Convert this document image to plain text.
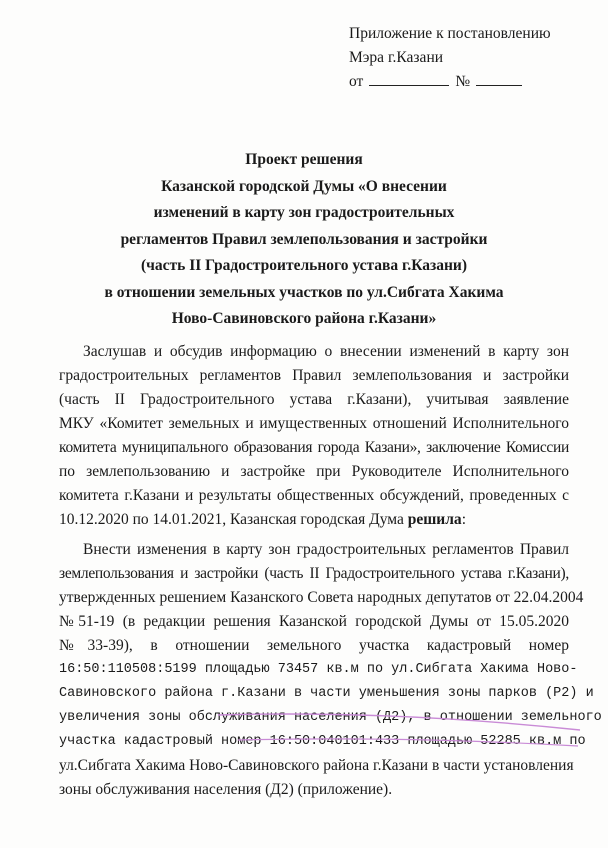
Приложение к постановлению
Мэра г.Казани
от	№
Проект решения
Казанской городской Думы «О внесении
изменений в карту зон градостроительных
регламентов Правил землепользования и застройки
(часть II Градостроительного устава г.Казани)
в отношении земельных участков по ул.Сибгата Хакима
Ново-Савиновского района г.Казани»
Заслушав и обсудив информацию о внесении изменений в карту зон
градостроительных регламентов Правил землепользования и застройки
(часть II Градостроительного устава г.Казани), учитывая заявление
МКУ «Комитет земельных и имущественных отношений Исполнительного
комитета муниципального образования города Казани», заключение Комиссии
по землепользованию и застройке при Руководителе Исполнительного
комитета г.Казани и результаты общественных обсуждений, проведенных с
10.12.2020 по 14.01.2021, Казанская городская Дума решила:
Внести изменения в карту зон градостроительных регламентов Правил
землепользования и застройки (часть II Градостроительного устава г.Казани),
утвержденных решением Казанского Совета народных депутатов от 22.04.2004
№51-19 (в редакции решения Казанской городской Думы от 15.05.2020
№33-39), в отношении земельного участка кадастровый номер
16:50:110508:5199 площадью 73457 кв.м по ул.Сибгата Хакима Ново-
Савиновского района г.Казани в части уменьшения зоны парков (Р2) и
увеличения зоны обслуживания населения (Д2), в отношении земельного
участка кадастровый номер 16:50:040101:433 площадью 52285 кв.м по
ул.Сибгата Хакима Ново-Савиновского района г.Казани в части установления
зоны обслуживания населения (Д2) (приложение).
